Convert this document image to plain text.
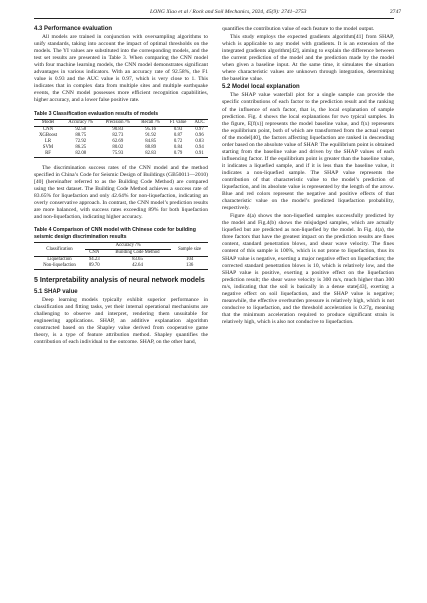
LONG Xiao et al / Rock and Soil Mechanics, 2024, 45(9): 2741–2753	2747
4.3 Performance evaluation

All models are trained in conjunction with oversampling algorithms to unify standards, taking into account the impact of optimal thresholds on the models. The YI values are substituted into the corresponding models, and the test set results are presented in Table 3. When comparing the CNN model with four machine learning models, the CNN model demonstrates significant advantages in various indicators. With an accuracy rate of 92.58%, the F1 value is 0.93 and the AUC value is 0.97, which is very close to 1. This indicates that in complex data from multiple sites and multiple earthquake events, the CNN model possesses more efficient recognition capabilities, higher accuracy, and a lower false positive rate.

Table 3 Classification evaluation results of models
Model	Accuracy /%	Precision /%	Recall /%	F1 value	AUC
CNN	92.58	90.83	95.16	0.93	0.97
XGBoost	88.75	82.73	91.92	0.87	0.96
LR	72.92	62.69	84.85	0.72	0.83
SVM	86.25	80.02	88.89	0.84	0.94
RF	82.08	75.93	82.83	0.79	0.91

The discrimination success rates of the CNN model and the method specified in China’s Code for Seismic Design of Buildings (GB50011—2010)[40] (hereinafter referred to as the Building Code Method) are compared using the test dataset. The Building Code Method achieves a success rate of 83.65% for liquefaction and only 42.64% for non-liquefaction, indicating an overly conservative approach. In contrast, the CNN model’s prediction results are more balanced, with success rates exceeding 89% for both liquefaction and non-liquefaction, indicating higher accuracy.

Table 4 Comparison of CNN model with Chinese code for building seismic design discrimination results
Classification	Accuracy /%		Sample size
	CNN	Building Code Method	
Liquefaction	94.23	83.65	104
Non-liquefaction	89.70	42.64	136
5 Interpretability analysis of neural network models
5.1 SHAP value

Deep learning models typically exhibit superior performance in classification and fitting tasks, yet their internal operational mechanisms are challenging to observe and interpret, rendering them unsuitable for engineering applications. SHAP, an additive explanation algorithm constructed based on the Shapley value derived from cooperative game theory, is a type of feature attribution method. Shapley quantifies the contribution of each individual to the outcome. SHAP, on the other hand,

quantifies the contribution value of each feature to the model output.

This study employs the expected gradients algorithm[41] from SHAP, which is applicable to any model with gradients. It is an extension of the integrated gradients algorithm[42], aiming to explain the difference between the current prediction of the model and the prediction made by the model when given a baseline input. At the same time, it simulates the situation where characteristic values are unknown through integration, determining the baseline value.

5.2 Model local explanation

The SHAP value waterfall plot for a single sample can provide the specific contributions of each factor to the prediction result and the ranking of the influence of each factor, that is, the local explanation of sample prediction. Fig. 4 shows the local explanations for two typical samples. In the figure, E[f(x)] represents the model baseline value, and f(x) represents the equilibrium point, both of which are transformed from the actual output of the model[40], the factors affecting liquefaction are ranked in descending order based on the absolute value of SHAP. The equilibrium point is obtained starting from the baseline value and driven by the SHAP values of each influencing factor. If the equilibrium point is greater than the baseline value, it indicates a liquefied sample, and if it is less than the baseline value, it indicates a non-liquefied sample. The SHAP value represents the contribution of that characteristic value to the model’s prediction of liquefaction, and its absolute value is represented by the length of the arrow. Blue and red colors represent the negative and positive effects of that characteristic value on the model’s predicted liquefaction probability, respectively.

Figure 4(a) shows the non-liquefied samples successfully predicted by the model and Fig.4(b) shows the misjudged samples, which are actually liquefied but are predicted as non-liquefied by the model. In Fig. 4(a), the three factors that have the greatest impact on the prediction results are fines content, standard penetration blows, and shear wave velocity. The fines content of this sample is 100%, which is not prone to liquefaction, thus its SHAP value is negative, exerting a major negative effect on liquefaction; the corrected standard penetration blows is 10, which is relatively low, and the SHAP value is positive, exerting a positive effect on the liquefaction prediction result; the shear wave velocity is 300 m/s, much higher than 300 m/s, indicating that the soil is basically in a dense state[43], exerting a negative effect on soil liquefaction, and the SHAP value is negative; meanwhile, the effective overburden pressure is relatively high, which is not conducive to liquefaction, and the threshold acceleration is 0.27g, meaning that the minimum acceleration required to produce significant strain is relatively high, which is also not conducive to liquefaction.
